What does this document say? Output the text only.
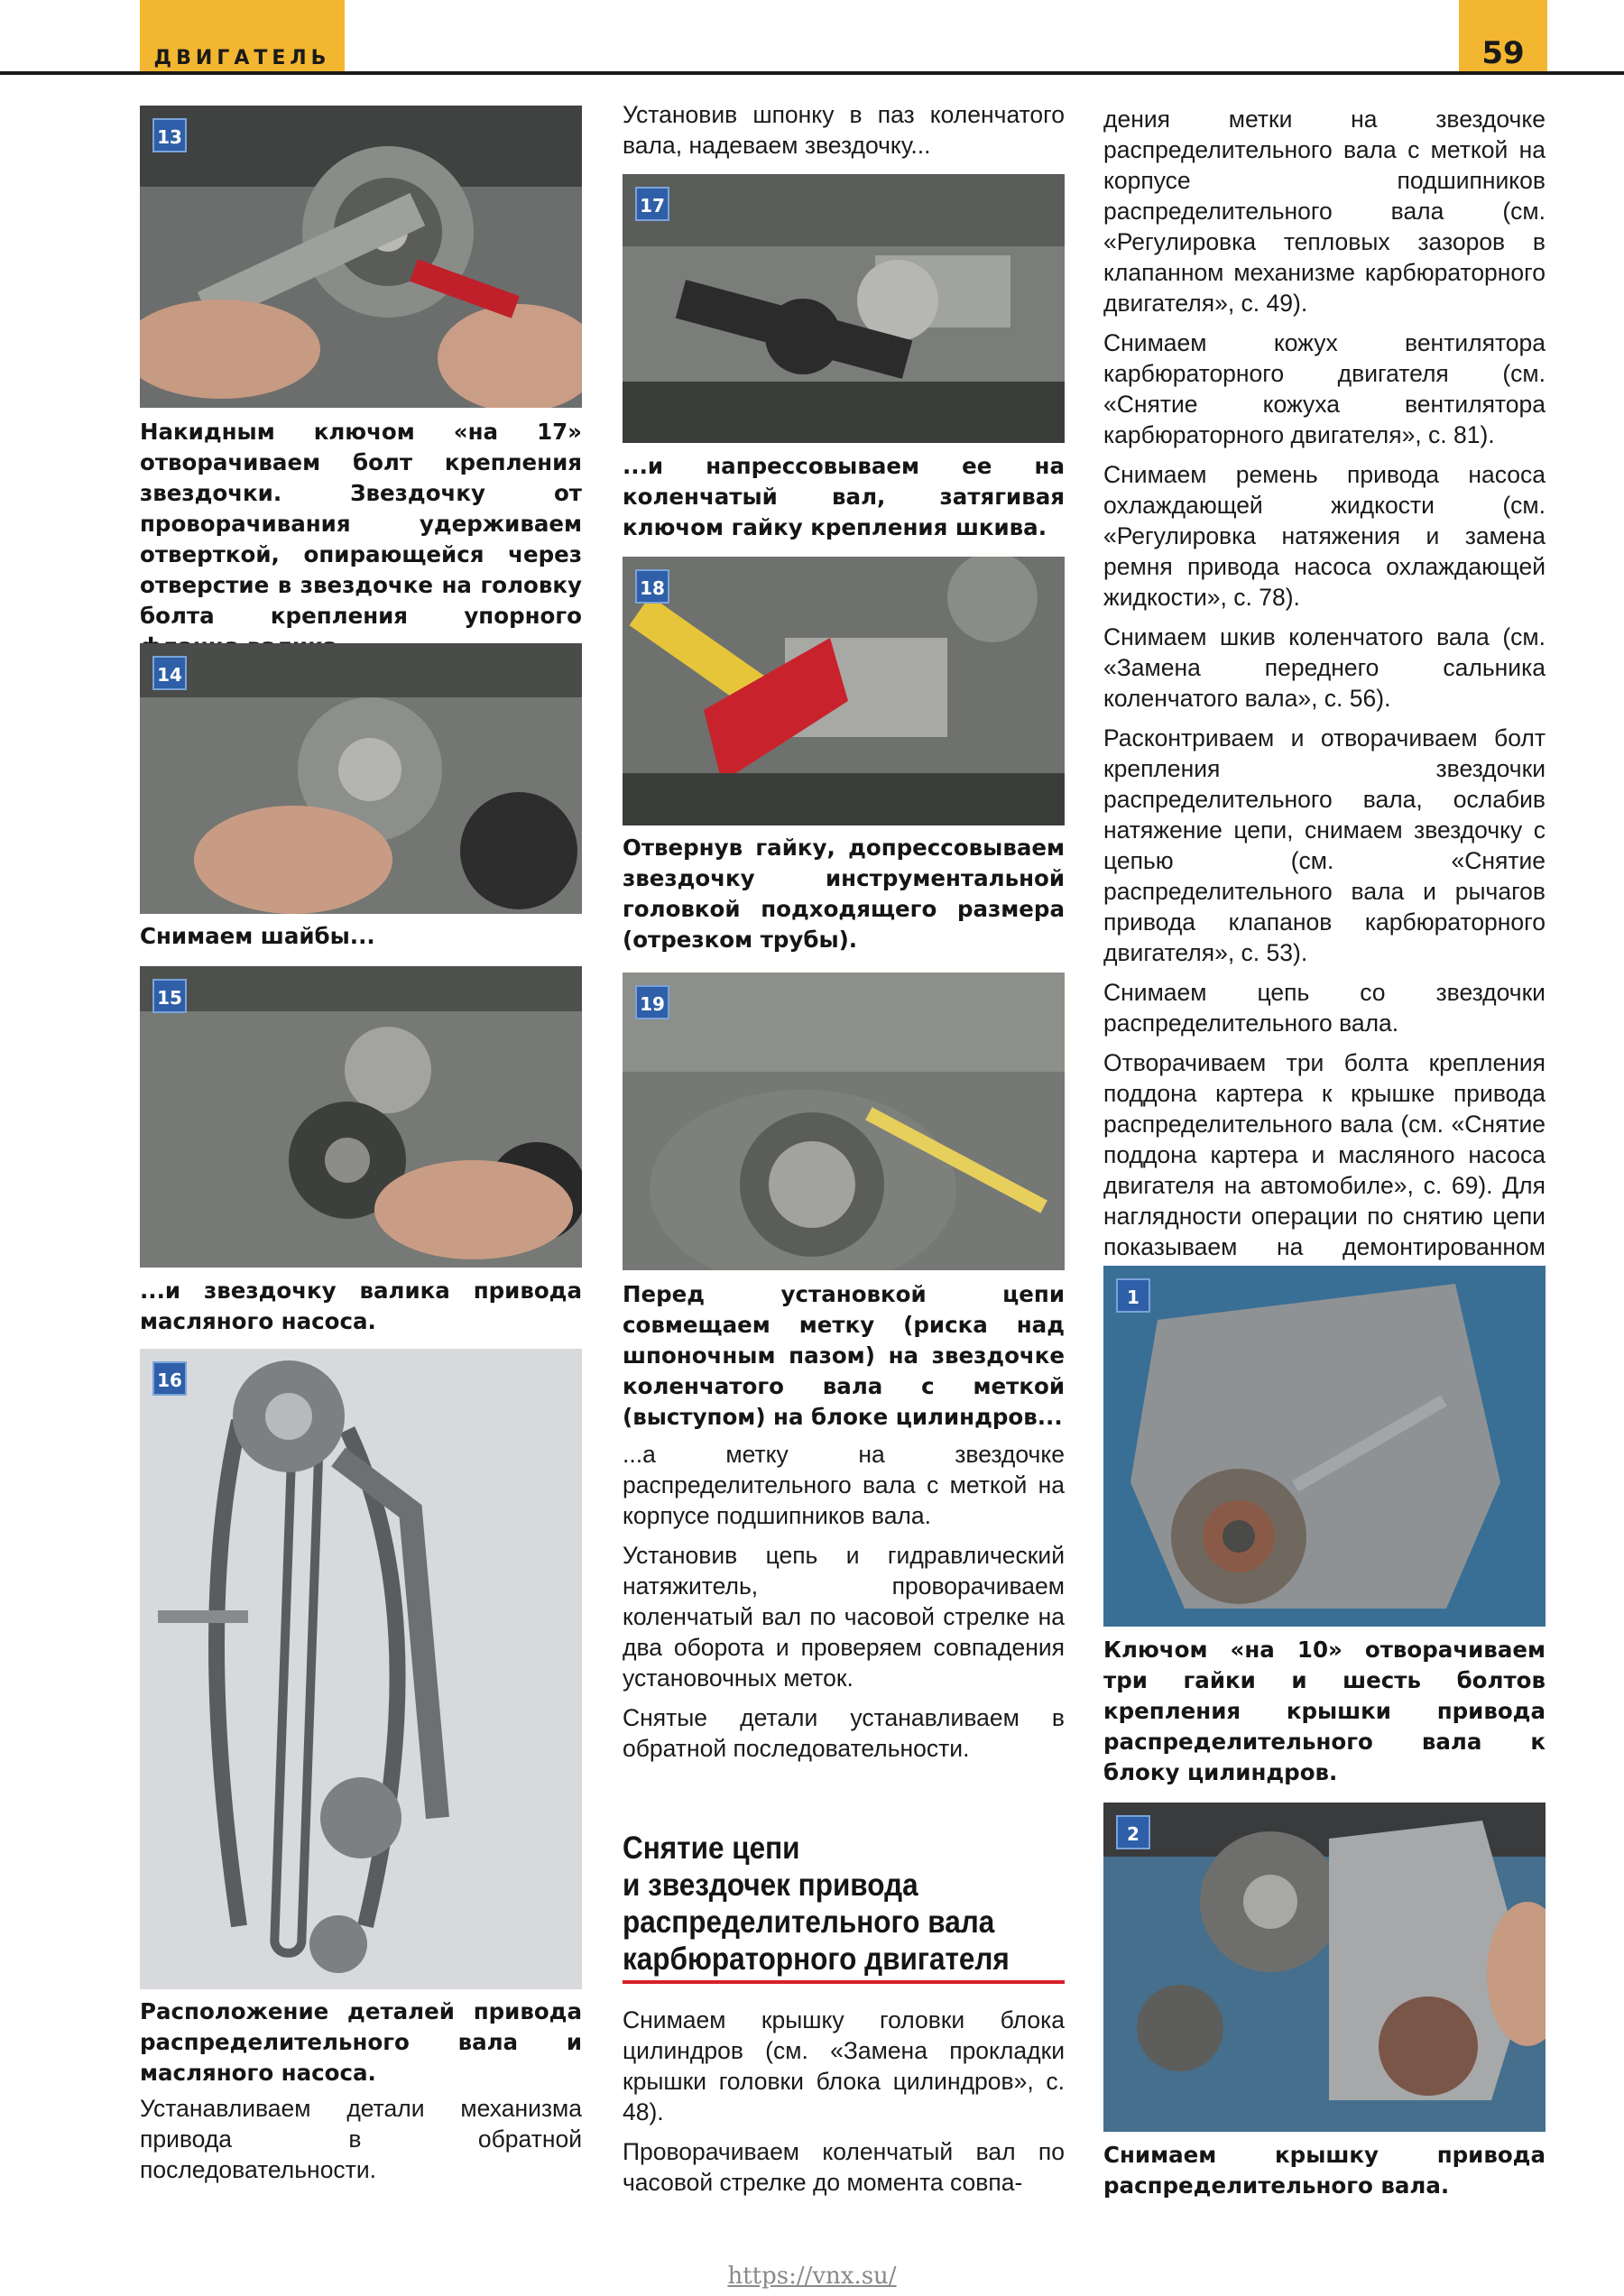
ДВИГАТЕЛЬ	59
13
Накидным ключом «на 17» отворачиваем болт крепления звездочки. Звездочку от проворачивания удерживаем отверткой, опирающейся через отверстие в звездочке на головку болта крепления упорного
14
Снимаем шайбы...
15
...и звездочку валика привода масляного насоса.
16
Расположение деталей привода распределительного вала и масляного насоса.
Устанавливаем детали механизма привода в обратной последовательности.
Установив шпонку в паз коленчатого вала, надеваем звездочку...
17
...и напрессовываем ее на коленчатый вал, затягивая ключом гайку крепления шкива.
18
Отвернув гайку, допрессовываем звездочку инструментальной головкой подходящего размера (отрезком трубы).
19
Перед установкой цепи совмещаем метку (риска над шпоночным пазом) на звездочке коленчатого вала с меткой (выступом) на блоке цилиндров...

...а метку на звездочке распределительного вала с меткой на корпусе подшипников вала.

Установив цепь и гидравлический натяжитель, проворачиваем коленчатый вал по часовой стрелке на два оборота и проверяем совпадения установочных меток.

Снятые детали устанавливаем в обратной последовательности.

Снятие цепи
и звездочек привода
распределительного вала
карбюраторного двигателя

Снимаем крышку головки блока цилиндров (см. «Замена прокладки крышки головки блока цилиндров», с. 48).

Проворачиваем коленчатый вал по часовой стрелке до момента совпа-

дения метки на звездочке распределительного вала с меткой на корпусе подшипников распределительного вала (см. «Регулировка тепловых зазоров в клапанном механизме карбюраторного двигателя», с. 49).

Снимаем кожух вентилятора карбюраторного двигателя (см. «Снятие кожуха вентилятора карбюраторного двигателя», с. 81).

Снимаем ремень привода насоса охлаждающей жидкости (см. «Регулировка натяжения и замена ремня привода насоса охлаждающей жидкости», с. 78).

Снимаем шкив коленчатого вала (см. «Замена переднего сальника коленчатого вала», с. 56).

Расконтриваем и отворачиваем болт крепления звездочки распределительного вала, ослабив натяжение цепи, снимаем звездочку с цепью (см. «Снятие распределительного вала и рычагов привода клапанов карбюраторного двигателя», с. 53).

Снимаем цепь со звездочки распределительного вала.

Отворачиваем три болта крепления поддона картера к крышке привода распределительного вала (см. «Снятие поддона картера и масляного насоса двигателя на автомобиле», с. 69). Для наглядности операции по снятию цепи показываем на демонтированном

1
Ключом «на 10» отворачиваем три гайки и шесть болтов крепления крышки привода распределительного вала к блоку цилиндров.
2
Снимаем крышку привода распределительного вала.
https://vnx.su/
